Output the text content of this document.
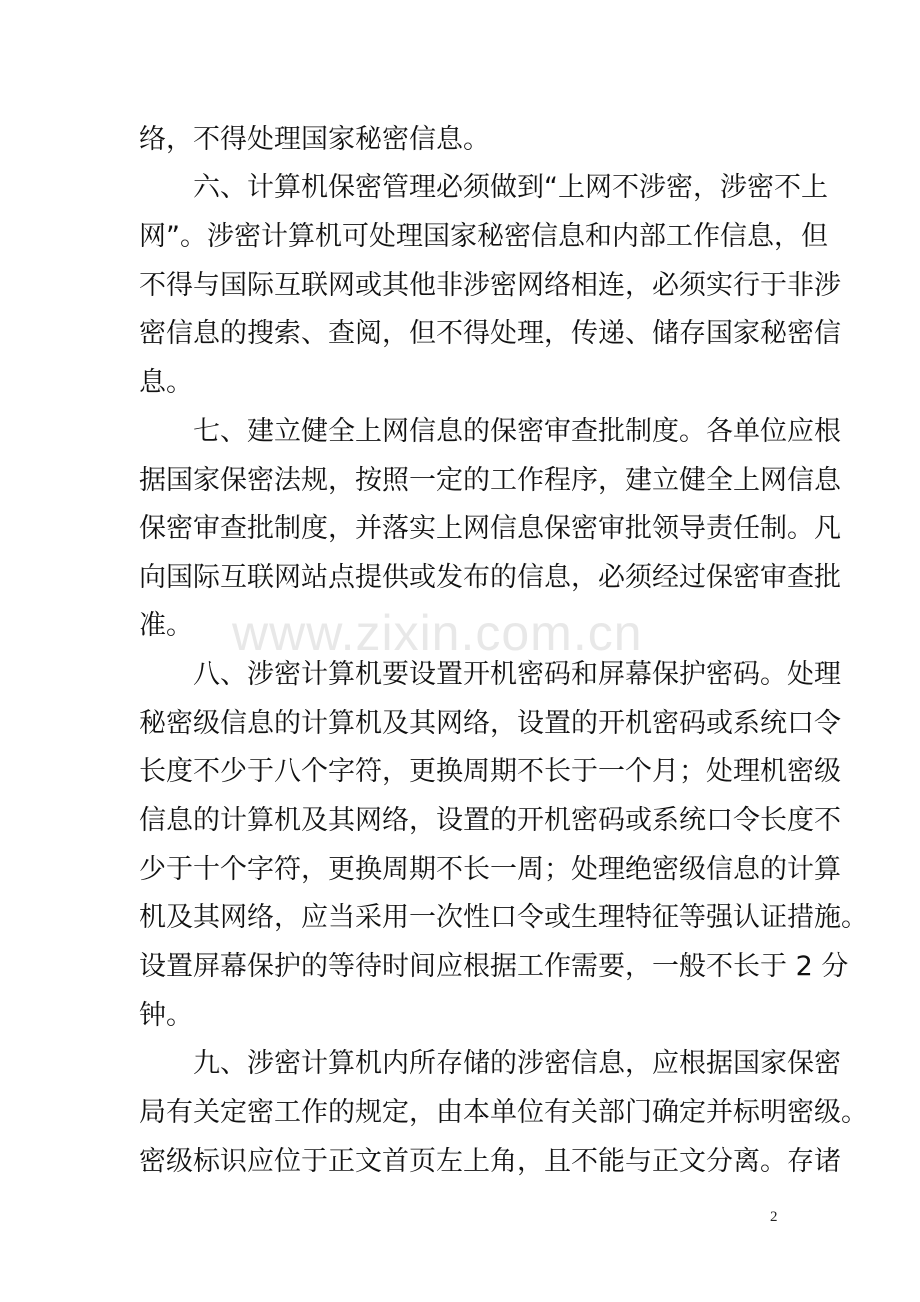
络，不得处理国家秘密信息。
　　六、计算机保密管理必须做到“上网不涉密，涉密不上
网”。涉密计算机可处理国家秘密信息和内部工作信息，但
不得与国际互联网或其他非涉密网络相连，必须实行于非涉
密信息的搜索、查阅，但不得处理，传递、储存国家秘密信
息。
　　七、建立健全上网信息的保密审查批制度。各单位应根
据国家保密法规，按照一定的工作程序，建立健全上网信息
保密审查批制度，并落实上网信息保密审批领导责任制。凡
向国际互联网站点提供或发布的信息，必须经过保密审查批
准。
　　八、涉密计算机要设置开机密码和屏幕保护密码。处理
秘密级信息的计算机及其网络，设置的开机密码或系统口令
长度不少于八个字符，更换周期不长于一个月；处理机密级
信息的计算机及其网络，设置的开机密码或系统口令长度不
少于十个字符，更换周期不长一周；处理绝密级信息的计算
机及其网络，应当采用一次性口令或生理特征等强认证措施。
设置屏幕保护的等待时间应根据工作需要，一般不长于 2 分
钟。
　　九、涉密计算机内所存储的涉密信息，应根据国家保密
局有关定密工作的规定，由本单位有关部门确定并标明密级。
密级标识应位于正文首页左上角，且不能与正文分离。存诸
www.zixin.com.cn
2
